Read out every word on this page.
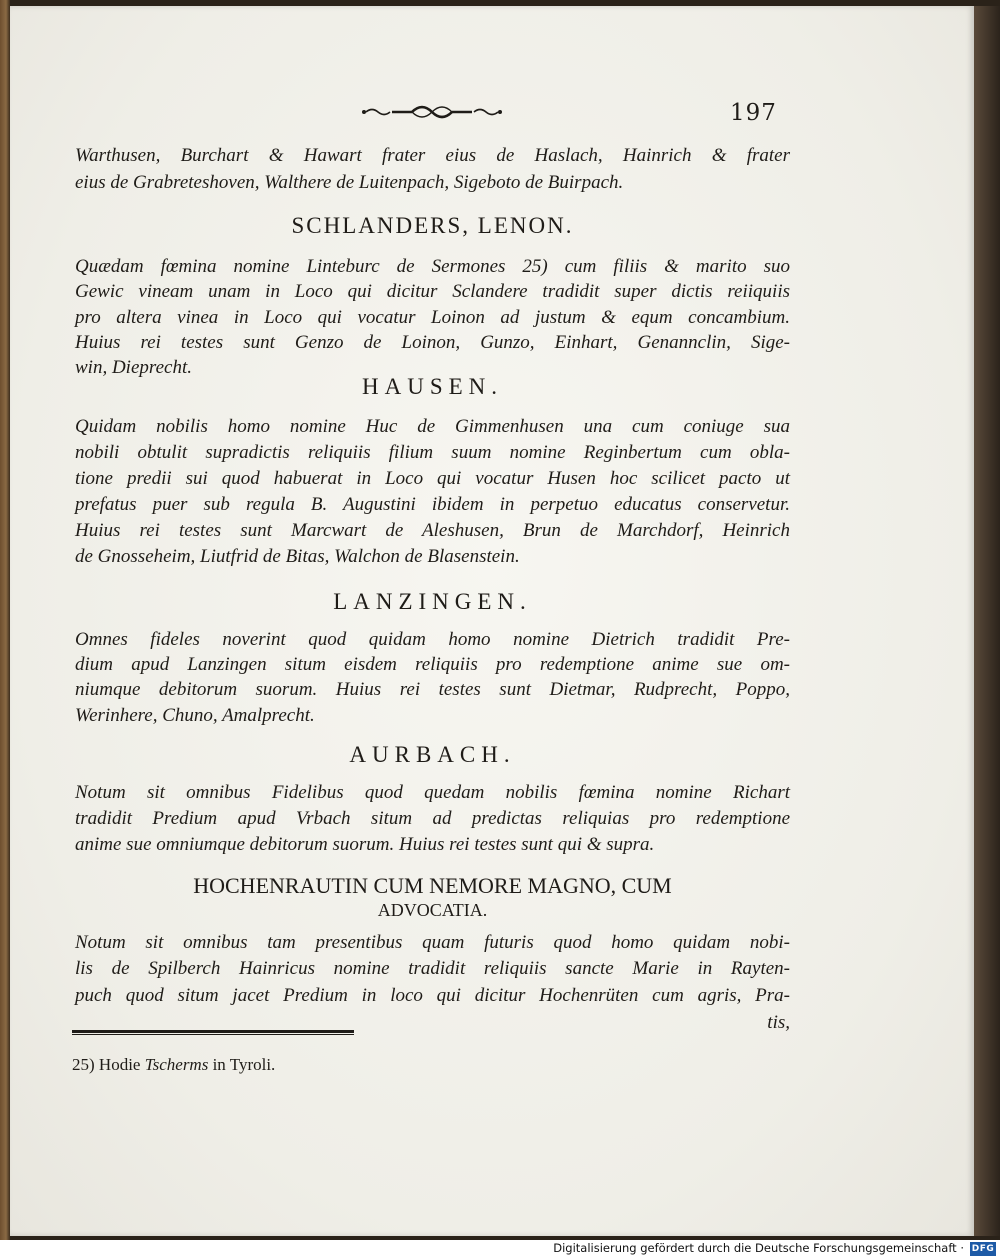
197
Warthusen, Burchart & Hawart frater eius de Haslach, Hainrich & frater
eius de Grabreteshoven, Walthere de Luitenpach, Sigeboto de Buirpach.
SCHLANDERS, LENON.
Quædam fœmina nomine Linteburc de Sermones 25) cum filiis & marito suo
Gewic vineam unam in Loco qui dicitur Sclandere tradidit super dictis reiiquiis
pro altera vinea in Loco qui vocatur Loinon ad justum & equm concambium.
Huius rei testes sunt Genzo de Loinon, Gunzo, Einhart, Genannclin, Sige-
win, Dieprecht.
HAUSEN.
Quidam nobilis homo nomine Huc de Gimmenhusen una cum coniuge sua
nobili obtulit supradictis reliquiis filium suum nomine Reginbertum cum obla-
tione predii sui quod habuerat in Loco qui vocatur Husen hoc scilicet pacto ut
prefatus puer sub regula B. Augustini ibidem in perpetuo educatus conservetur.
Huius rei testes sunt Marcwart de Aleshusen, Brun de Marchdorf, Heinrich
de Gnossеheim, Liutfrid de Bitas, Walchon de Blasenstein.
LANZINGEN.
Omnes fideles noverint quod quidam homo nomine Dietrich tradidit Pre-
dium apud Lanzingen situm eisdem reliquiis pro redemptione anime sue om-
niumque debitorum suorum. Huius rei testes sunt Dietmar, Rudprecht, Poppo,
Werinhere, Chuno, Amalprecht.
AURBACH.
Notum sit omnibus Fidelibus quod quedam nobilis fœmina nomine Richart
tradidit Predium apud Vrbach situm ad predictas reliquias pro redemptione
anime sue omniumque debitorum suorum. Huius rei testes sunt qui & supra.
HOCHENRAUTIN CUM NEMORE MAGNO, CUM
ADVOCATIA.
Notum sit omnibus tam presentibus quam futuris quod homo quidam nobi-
lis de Spilberch Hainricus nomine tradidit reliquiis sancte Marie in Rayten-
puch quod situm jacet Predium in loco qui dicitur Hochenrüten cum agris, Pra-
tis,
25) Hodie Tscherms in Tyroli.
Digitalisierung gefördert durch die Deutsche Forschungsgemeinschaft · DFG
